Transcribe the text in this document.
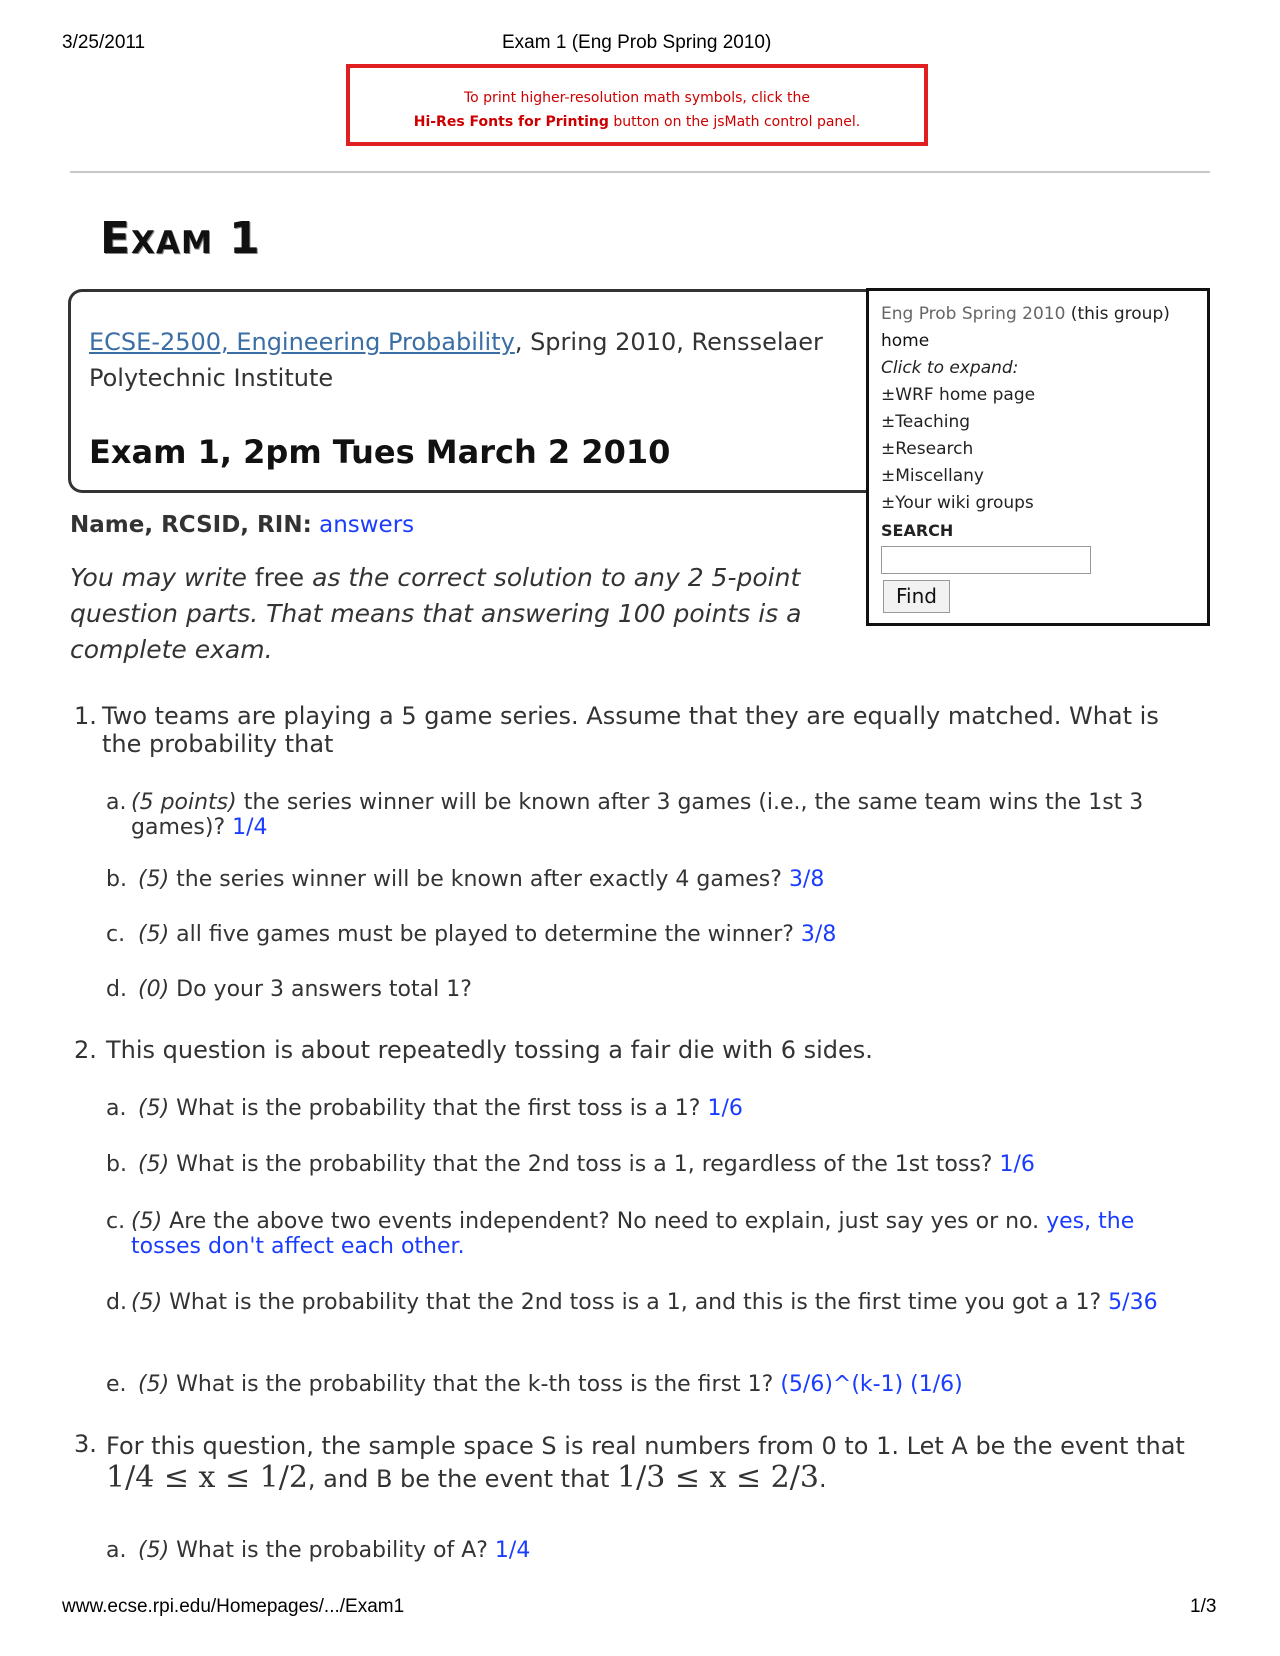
3/25/2011	Exam 1 (Eng Prob Spring 2010)
To print higher-resolution math symbols, click the
Hi-Res Fonts for Printing button on the jsMath control panel.
Exam 1
ECSE-2500, Engineering Probability, Spring 2010, Rensselaer Polytechnic Institute
Exam 1, 2pm Tues March 2 2010
Eng Prob Spring 2010 (this group)
home
Click to expand:
±WRF home page
±Teaching
±Research
±Miscellany
±Your wiki groups
SEARCH
Find
Name, RCSID, RIN: answers
You may write free as the correct solution to any 2 5-point question parts. That means that answering 100 points is a complete exam.
1. Two teams are playing a 5 game series. Assume that they are equally matched. What is the probability that
a. (5 points) the series winner will be known after 3 games (i.e., the same team wins the 1st 3 games)? 1/4
b. (5) the series winner will be known after exactly 4 games? 3/8
c. (5) all five games must be played to determine the winner? 3/8
d. (0) Do your 3 answers total 1?
2. This question is about repeatedly tossing a fair die with 6 sides.
a. (5) What is the probability that the first toss is a 1? 1/6
b. (5) What is the probability that the 2nd toss is a 1, regardless of the 1st toss? 1/6
c. (5) Are the above two events independent? No need to explain, just say yes or no. yes, the tosses don't affect each other.
d. (5) What is the probability that the 2nd toss is a 1, and this is the first time you got a 1? 5/36
e. (5) What is the probability that the k-th toss is the first 1? (5/6)^(k-1) (1/6)
3. For this question, the sample space S is real numbers from 0 to 1. Let A be the event that 1/4 ≤ x ≤ 1/2, and B be the event that 1/3 ≤ x ≤ 2/3.
a. (5) What is the probability of A? 1/4
www.ecse.rpi.edu/Homepages/.../Exam1	1/3
